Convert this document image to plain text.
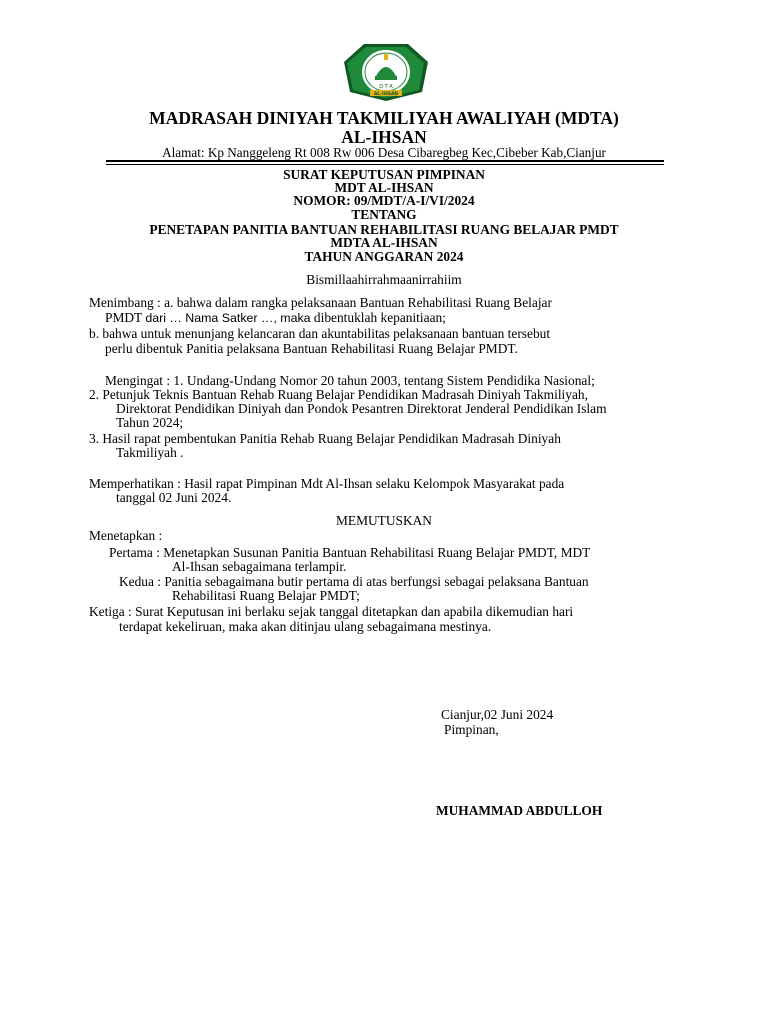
D T A
AL-IHSAN
MADRASAH DINIYAH TAKMILIYAH AWALIYAH (MDTA)
AL-IHSAN
Alamat: Kp Nanggeleng Rt 008 Rw 006 Desa Cibaregbeg Kec,Cibeber Kab,Cianjur
SURAT KEPUTUSAN PIMPINAN
MDT AL-IHSAN
NOMOR: 09/MDT/A-I/VI/2024
TENTANG
PENETAPAN PANITIA BANTUAN REHABILITASI RUANG BELAJAR PMDT
MDTA AL-IHSAN
TAHUN ANGGARAN 2024
Bismillaahirrahmaanirrahiim
Menimbang : a. bahwa dalam rangka pelaksanaan Bantuan Rehabilitasi Ruang Belajar
PMDT dari … Nama Satker …, maka dibentuklah kepanitiaan;
b. bahwa untuk menunjang kelancaran dan akuntabilitas pelaksanaan bantuan tersebut
perlu dibentuk Panitia pelaksana Bantuan Rehabilitasi Ruang Belajar PMDT.
Mengingat : 1. Undang-Undang Nomor 20 tahun 2003, tentang Sistem Pendidika Nasional;
2. Petunjuk Teknis Bantuan Rehab Ruang Belajar Pendidikan Madrasah Diniyah Takmiliyah,
Direktorat Pendidikan Diniyah dan Pondok Pesantren Direktorat Jenderal Pendidikan Islam
Tahun 2024;
3. Hasil rapat pembentukan Panitia Rehab Ruang Belajar Pendidikan Madrasah Diniyah
Takmiliyah .
Memperhatikan : Hasil rapat Pimpinan Mdt Al-Ihsan selaku Kelompok Masyarakat pada
tanggal 02 Juni 2024.
MEMUTUSKAN
Menetapkan :
Pertama : Menetapkan Susunan Panitia Bantuan Rehabilitasi Ruang Belajar PMDT, MDT
Al-Ihsan sebagaimana terlampir.
Kedua : Panitia sebagaimana butir pertama di atas berfungsi sebagai pelaksana Bantuan
Rehabilitasi Ruang Belajar PMDT;
Ketiga : Surat Keputusan ini berlaku sejak tanggal ditetapkan dan apabila dikemudian hari
terdapat kekeliruan, maka akan ditinjau ulang sebagaimana mestinya.
Cianjur,02 Juni 2024
Pimpinan,
MUHAMMAD ABDULLOH
